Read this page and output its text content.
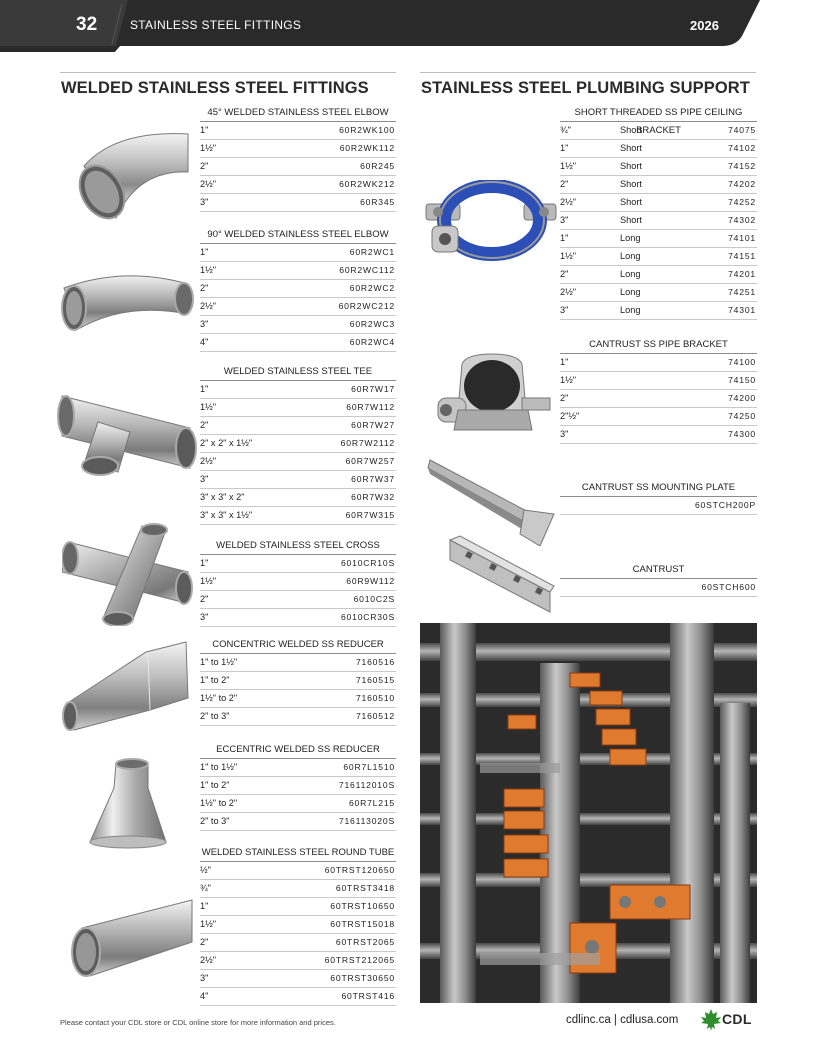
32	STAINLESS STEEL FITTINGS	2026
WELDED STAINLESS STEEL FITTINGS	STAINLESS STEEL PLUMBING SUPPORT
45° WELDED STAINLESS STEEL ELBOW
1"	60R2WK100
1½"	60R2WK112
2"	60R245
2½"	60R2WK212
3"	60R345
90° WELDED STAINLESS STEEL ELBOW
1"	60R2WC1
1½"	60R2WC112
2"	60R2WC2
2½"	60R2WC212
3"	60R2WC3
4"	60R2WC4
WELDED STAINLESS STEEL TEE
1"	60R7W17
1½"	60R7W112
2"	60R7W27
2" x 2" x 1½"	60R7W2112
2½"	60R7W257
3"	60R7W37
3" x 3" x 2"	60R7W32
3" x 3" x 1½"	60R7W315
WELDED STAINLESS STEEL CROSS
1"	6010CR10S
1½"	60R9W112
2"	6010C2S
3"	6010CR30S
CONCENTRIC WELDED SS REDUCER
1" to 1½"	7160516
1" to 2"	7160515
1½" to 2"	7160510
2" to 3"	7160512
ECCENTRIC WELDED SS REDUCER
1" to 1½"	60R7L1510
1" to 2"	716112010S
1½" to 2"	60R7L215
2" to 3"	716113020S
WELDED STAINLESS STEEL ROUND TUBE
½"	60TRST120650
¾"	60TRST3418
1"	60TRST10650
1½"	60TRST15018
2"	60TRST2065
2½"	60TRST212065
3"	60TRST30650
4"	60TRST416
SHORT THREADED SS PIPE CEILING BRACKET
¾"	Short	74075
1"	Short	74102
1½"	Short	74152
2"	Short	74202
2½"	Short	74252
3"	Short	74302
1"	Long	74101
1½"	Long	74151
2"	Long	74201
2½"	Long	74251
3"	Long	74301
CANTRUST SS PIPE BRACKET
1"	74100
1½"	74150
2"	74200
2"½"	74250
3"	74300
CANTRUST SS MOUNTING PLATE
60STCH200P
CANTRUST
60STCH600
Please contact your CDL store or CDL online store for more information and prices.	cdlinc.ca | cdlusa.com	CDL
